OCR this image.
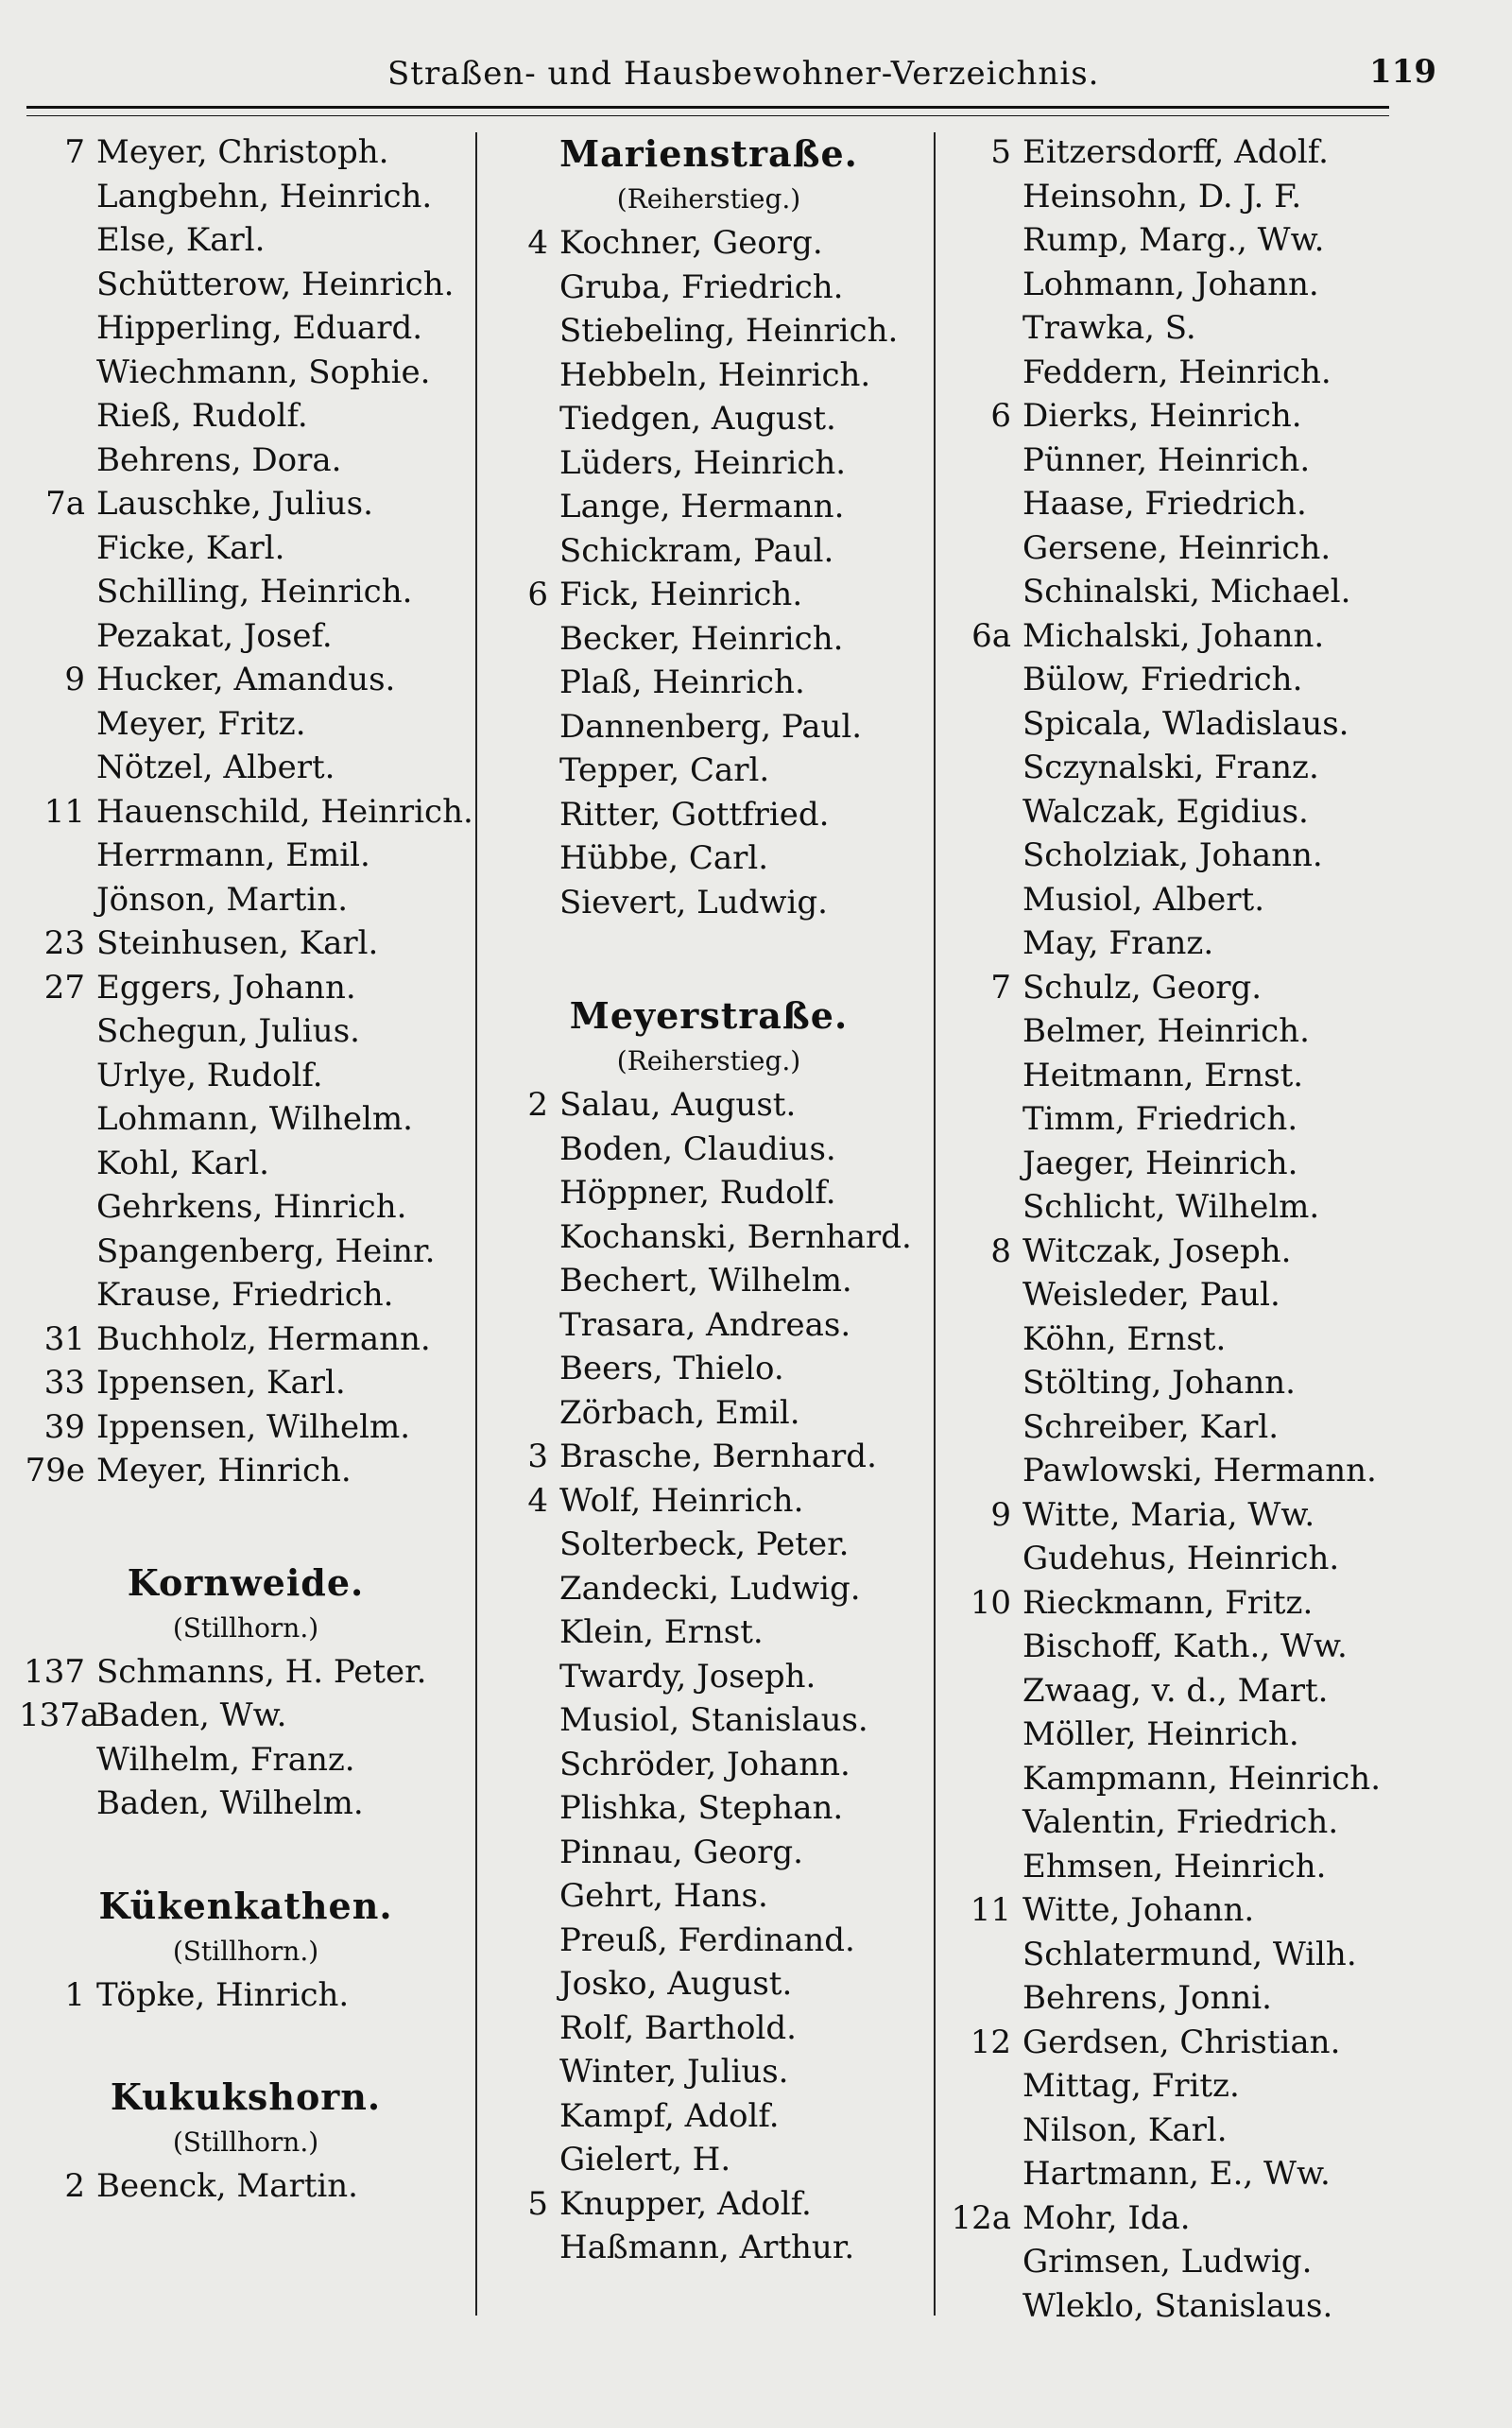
Straßen- und Hausbewohner-Verzeichnis.	119
7 Meyer, Christoph.
Langbehn, Heinrich.
Else, Karl.
Schütterow, Heinrich.
Hipperling, Eduard.
Wiechmann, Sophie.
Rieß, Rudolf.
Behrens, Dora.
7a Lauschke, Julius.
Ficke, Karl.
Schilling, Heinrich.
Pezakat, Josef.
9 Hucker, Amandus.
Meyer, Fritz.
Nötzel, Albert.
11 Hauenschild, Heinrich.
Herrmann, Emil.
Jönson, Martin.
23 Steinhusen, Karl.
27 Eggers, Johann.
Schegun, Julius.
Urlye, Rudolf.
Lohmann, Wilhelm.
Kohl, Karl.
Gehrkens, Hinrich.
Spangenberg, Heinr.
Krause, Friedrich.
31 Buchholz, Hermann.
33 Ippensen, Karl.
39 Ippensen, Wilhelm.
79e Meyer, Hinrich.
Kornweide.
(Stillhorn.)
137 Schmanns, H. Peter.
137a
Baden, Ww.
Wilhelm, Franz.
Baden, Wilhelm.
Kükenkathen.
(Stillhorn.)
1 Töpke, Hinrich.
Kukukshorn.
(Stillhorn.)
2 Beenck, Martin.
Marienstraße.
(Reiherstieg.)
4 Kochner, Georg.
Gruba, Friedrich.
Stiebeling, Heinrich.
Hebbeln, Heinrich.
Tiedgen, August.
Lüders, Heinrich.
Lange, Hermann.
Schickram, Paul.
6 Fick, Heinrich.
Becker, Heinrich.
Plaß, Heinrich.
Dannenberg, Paul.
Tepper, Carl.
Ritter, Gottfried.
Hübbe, Carl.
Sievert, Ludwig.
Meyerstraße.
(Reiherstieg.)
2 Salau, August.
Boden, Claudius.
Höppner, Rudolf.
Kochanski, Bernhard.
Bechert, Wilhelm.
Trasara, Andreas.
Beers, Thielo.
Zörbach, Emil.
3 Brasche, Bernhard.
4 Wolf, Heinrich.
Solterbeck, Peter.
Zandecki, Ludwig.
Klein, Ernst.
Twardy, Joseph.
Musiol, Stanislaus.
Schröder, Johann.
Plishka, Stephan.
Pinnau, Georg.
Gehrt, Hans.
Preuß, Ferdinand.
Josko, August.
Rolf, Barthold.
Winter, Julius.
Kampf, Adolf.
Gielert, H.
5 Knupper, Adolf.
Haßmann, Arthur.
5 Eitzersdorff, Adolf.
Heinsohn, D. J. F.
Rump, Marg., Ww.
Lohmann, Johann.
Trawka, S.
Feddern, Heinrich.
6 Dierks, Heinrich.
Pünner, Heinrich.
Haase, Friedrich.
Gersene, Heinrich.
Schinalski, Michael.
6a Michalski, Johann.
Bülow, Friedrich.
Spicala, Wladislaus.
Sczynalski, Franz.
Walczak, Egidius.
Scholziak, Johann.
Musiol, Albert.
May, Franz.
7 Schulz, Georg.
Belmer, Heinrich.
Heitmann, Ernst.
Timm, Friedrich.
Jaeger, Heinrich.
Schlicht, Wilhelm.
8 Witczak, Joseph.
Weisleder, Paul.
Köhn, Ernst.
Stölting, Johann.
Schreiber, Karl.
Pawlowski, Hermann.
9 Witte, Maria, Ww.
Gudehus, Heinrich.
10 Rieckmann, Fritz.
Bischoff, Kath., Ww.
Zwaag, v. d., Mart.
Möller, Heinrich.
Kampmann, Heinrich.
Valentin, Friedrich.
Ehmsen, Heinrich.
11 Witte, Johann.
Schlatermund, Wilh.
Behrens, Jonni.
12 Gerdsen, Christian.
Mittag, Fritz.
Nilson, Karl.
Hartmann, E., Ww.
12a Mohr, Ida.
Grimsen, Ludwig.
Wleklo, Stanislaus.
